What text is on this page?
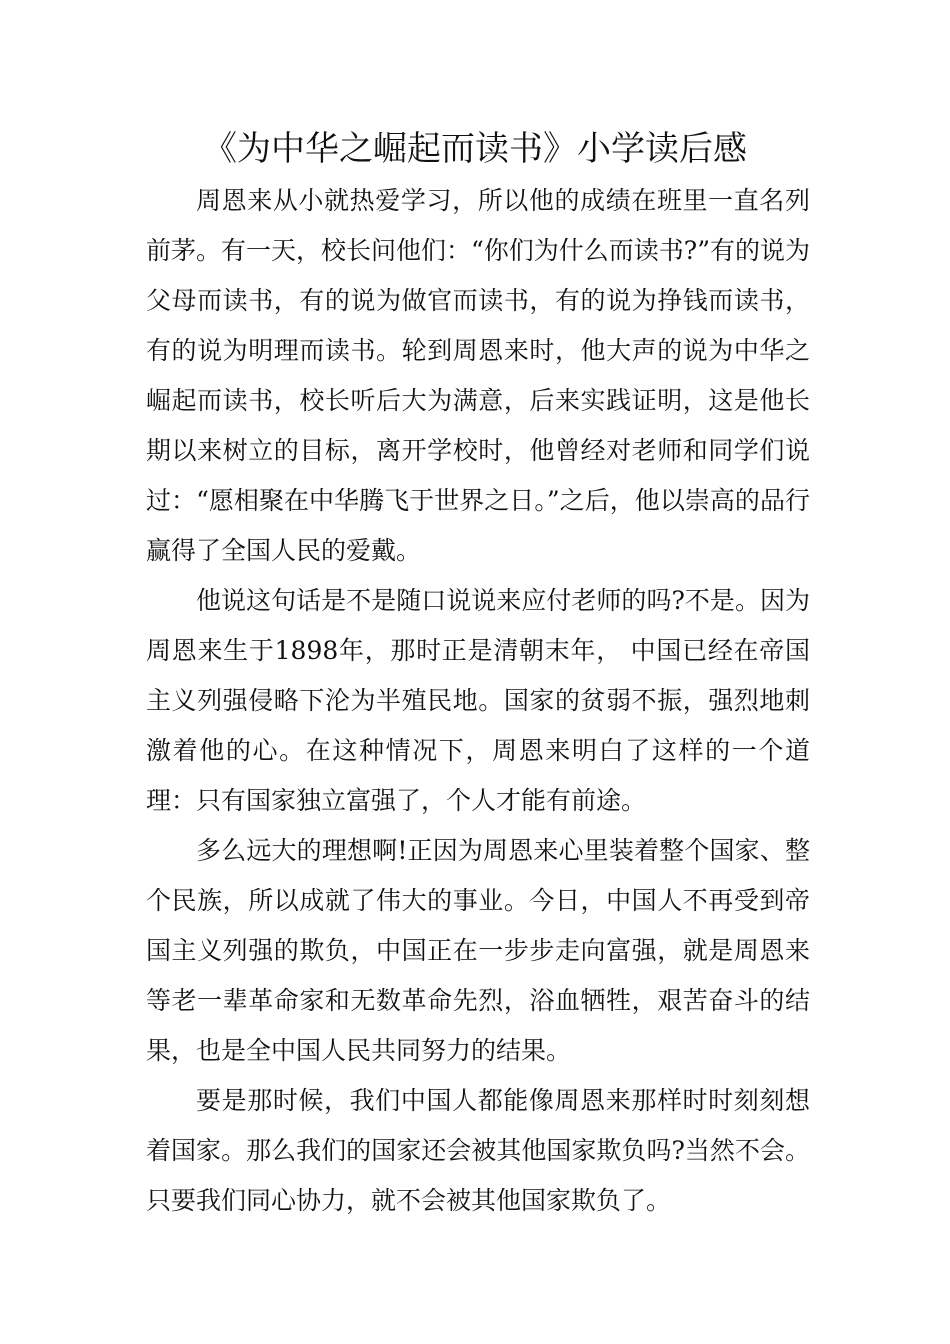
《为中华之崛起而读书》小学读后感

周恩来从小就热爱学习，所以他的成绩在班里一直名列前茅。有一天，校长问他们：“你们为什么而读书?”有的说为父母而读书，有的说为做官而读书，有的说为挣钱而读书，有的说为明理而读书。轮到周恩来时，他大声的说为中华之崛起而读书，校长听后大为满意，后来实践证明，这是他长期以来树立的目标，离开学校时，他曾经对老师和同学们说过：“愿相聚在中华腾飞于世界之日。”之后，他以崇高的品行赢得了全国人民的爱戴。

他说这句话是不是随口说说来应付老师的吗?不是。因为周恩来生于1898年，那时正是清朝末年， 中国已经在帝国主义列强侵略下沦为半殖民地。国家的贫弱不振，强烈地刺激着他的心。在这种情况下，周恩来明白了这样的一个道理：只有国家独立富强了，个人才能有前途。

多么远大的理想啊!正因为周恩来心里装着整个国家、整个民族，所以成就了伟大的事业。今日，中国人不再受到帝国主义列强的欺负，中国正在一步步走向富强，就是周恩来等老一辈革命家和无数革命先烈，浴血牺牲，艰苦奋斗的结果，也是全中国人民共同努力的结果。

要是那时候，我们中国人都能像周恩来那样时时刻刻想着国家。那么我们的国家还会被其他国家欺负吗?当然不会。只要我们同心协力，就不会被其他国家欺负了。
